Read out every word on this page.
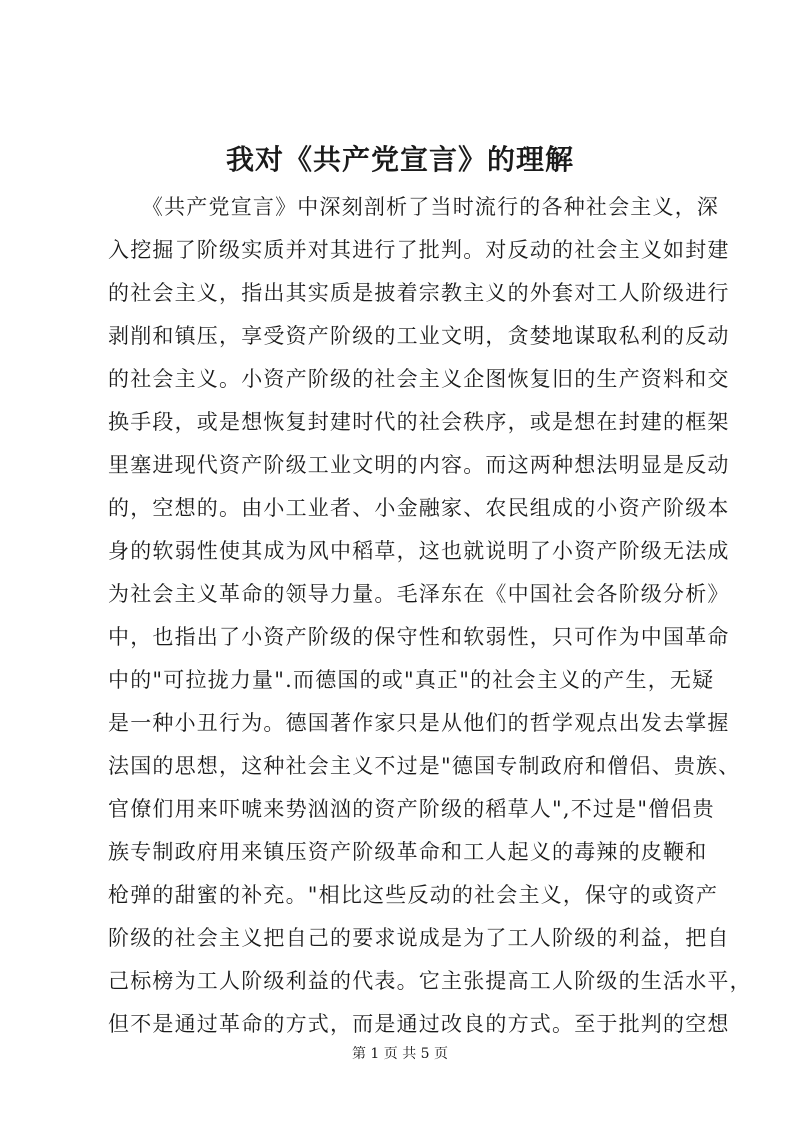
我对《共产党宣言》的理解
　　《共产党宣言》中深刻剖析了当时流行的各种社会主义，深
入挖掘了阶级实质并对其进行了批判。对反动的社会主义如封建
的社会主义，指出其实质是披着宗教主义的外套对工人阶级进行
剥削和镇压，享受资产阶级的工业文明，贪婪地谋取私利的反动
的社会主义。小资产阶级的社会主义企图恢复旧的生产资料和交
换手段，或是想恢复封建时代的社会秩序，或是想在封建的框架
里塞进现代资产阶级工业文明的内容。而这两种想法明显是反动
的，空想的。由小工业者、小金融家、农民组成的小资产阶级本
身的软弱性使其成为风中稻草，这也就说明了小资产阶级无法成
为社会主义革命的领导力量。毛泽东在《中国社会各阶级分析》
中，也指出了小资产阶级的保守性和软弱性，只可作为中国革命
中的"可拉拢力量".而德国的或"真正"的社会主义的产生，无疑
是一种小丑行为。德国著作家只是从他们的哲学观点出发去掌握
法国的思想，这种社会主义不过是"德国专制政府和僧侣、贵族、
官僚们用来吓唬来势汹汹的资产阶级的稻草人",不过是"僧侣贵
族专制政府用来镇压资产阶级革命和工人起义的毒辣的皮鞭和
枪弹的甜蜜的补充。"相比这些反动的社会主义，保守的或资产
阶级的社会主义把自己的要求说成是为了工人阶级的利益，把自
己标榜为工人阶级利益的代表。它主张提高工人阶级的生活水平，
但不是通过革命的方式，而是通过改良的方式。至于批判的空想
第 1 页 共 5 页
